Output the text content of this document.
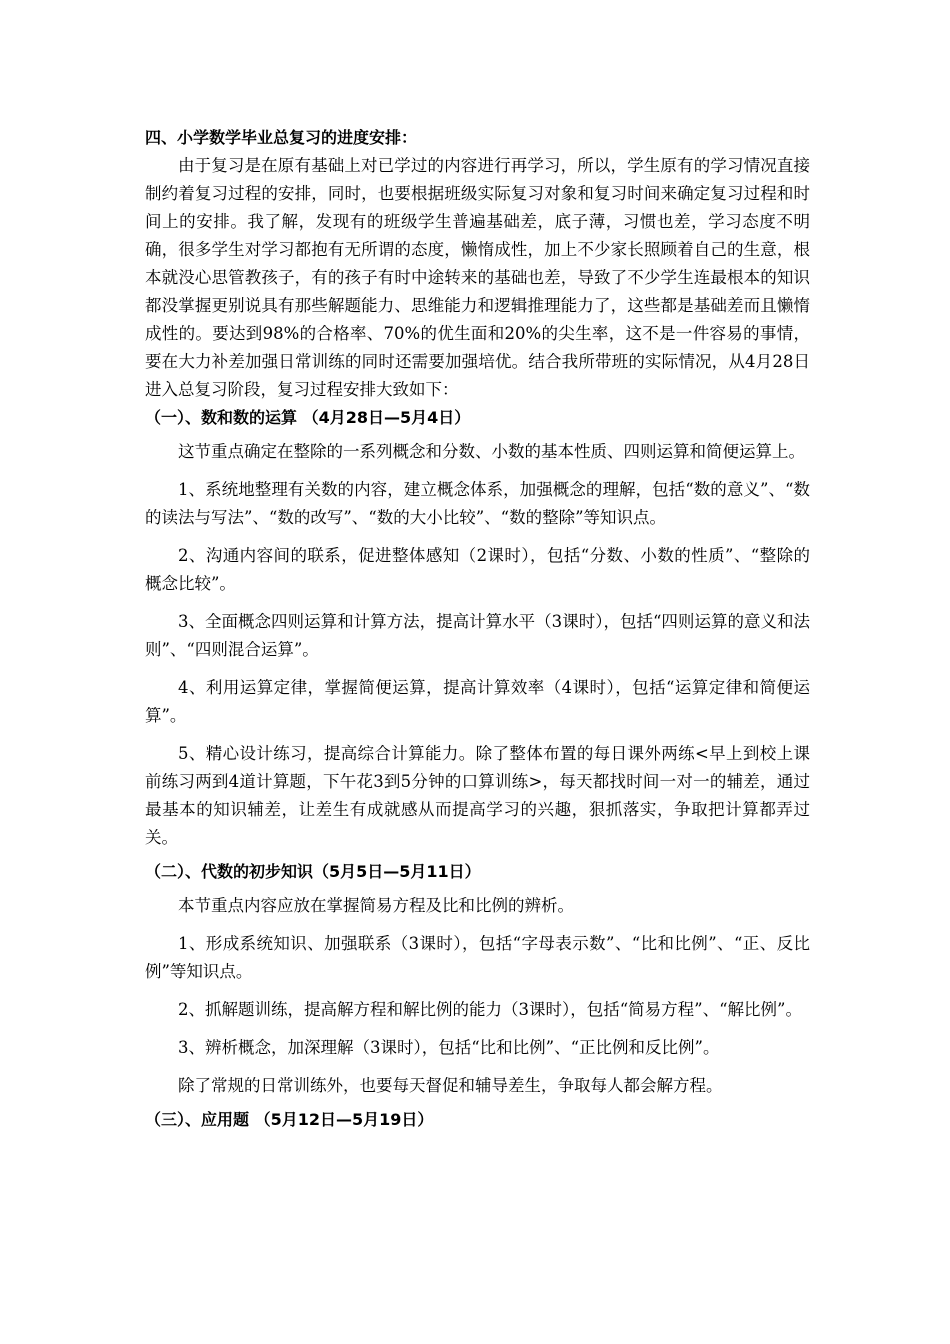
四、小学数学毕业总复习的进度安排：

由于复习是在原有基础上对已学过的内容进行再学习，所以，学生原有的学习情况直接制约着复习过程的安排，同时，也要根据班级实际复习对象和复习时间来确定复习过程和时间上的安排。我了解，发现有的班级学生普遍基础差，底子薄，习惯也差，学习态度不明确，很多学生对学习都抱有无所谓的态度，懒惰成性，加上不少家长照顾着自己的生意，根本就没心思管教孩子，有的孩子有时中途转来的基础也差，导致了不少学生连最根本的知识都没掌握更别说具有那些解题能力、思维能力和逻辑推理能力了，这些都是基础差而且懒惰成性的。要达到98%的合格率、70%的优生面和20%的尖生率，这不是一件容易的事情，要在大力补差加强日常训练的同时还需要加强培优。结合我所带班的实际情况，从4月28日进入总复习阶段，复习过程安排大致如下：

（一）、数和数的运算 （4月28日—5月4日）

这节重点确定在整除的一系列概念和分数、小数的基本性质、四则运算和简便运算上。

1、系统地整理有关数的内容，建立概念体系，加强概念的理解，包括“数的意义”、“数的读法与写法”、“数的改写”、“数的大小比较”、“数的整除”等知识点。

2、沟通内容间的联系，促进整体感知（2课时），包括“分数、小数的性质”、“整除的概念比较”。

3、全面概念四则运算和计算方法，提高计算水平（3课时），包括“四则运算的意义和法则”、“四则混合运算”。

4、利用运算定律，掌握简便运算，提高计算效率（4课时），包括“运算定律和简便运算”。

5、精心设计练习，提高综合计算能力。除了整体布置的每日课外两练<早上到校上课前练习两到4道计算题，下午花3到5分钟的口算训练>，每天都找时间一对一的辅差，通过最基本的知识辅差，让差生有成就感从而提高学习的兴趣，狠抓落实，争取把计算都弄过关。

（二）、代数的初步知识（5月5日—5月11日）

本节重点内容应放在掌握简易方程及比和比例的辨析。

1、形成系统知识、加强联系（3课时），包括“字母表示数”、“比和比例”、“正、反比例”等知识点。

2、抓解题训练，提高解方程和解比例的能力（3课时），包括“简易方程”、“解比例”。

3、辨析概念，加深理解（3课时），包括“比和比例”、“正比例和反比例”。

除了常规的日常训练外，也要每天督促和辅导差生，争取每人都会解方程。

（三）、应用题 （5月12日—5月19日）
